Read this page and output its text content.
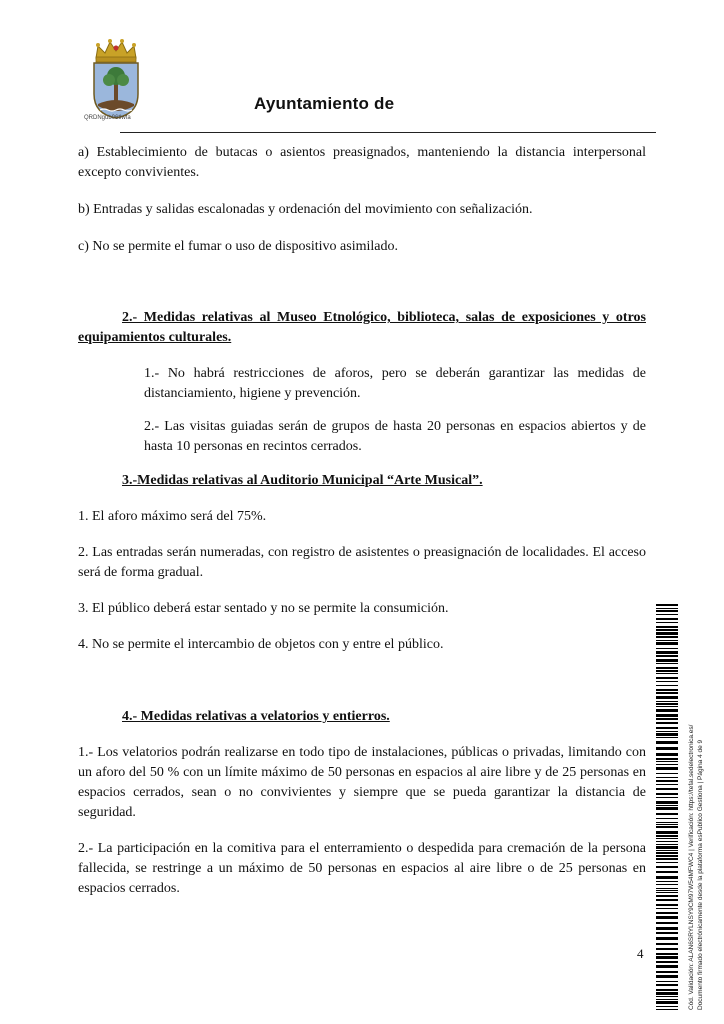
QRDNgub06tlwfa
Ayuntamiento de

a) Establecimiento de butacas o asientos preasignados, manteniendo la distancia interpersonal excepto convivientes.

b) Entradas y salidas escalonadas y ordenación del movimiento con señalización.

c) No se permite el fumar o uso de dispositivo asimilado.

2.- Medidas relativas al Museo Etnológico, biblioteca, salas de exposiciones y otros equipamientos culturales.

1.- No habrá restricciones de aforos, pero se deberán garantizar las medidas de distanciamiento, higiene y prevención.

2.- Las visitas guiadas serán de grupos de hasta 20 personas en espacios abiertos y de hasta 10 personas en recintos cerrados.

3.-Medidas relativas al Auditorio Municipal “Arte Musical”.

1. El aforo máximo será del 75%.

2. Las entradas serán numeradas, con registro de asistentes o preasignación de localidades. El acceso será de forma gradual.

3. El público deberá estar sentado y no se permite la consumición.

4. No se permite el intercambio de objetos con y entre el público.

4.- Medidas relativas a velatorios y entierros.

1.- Los velatorios podrán realizarse en todo tipo de instalaciones, públicas o privadas, limitando con un aforo del 50 % con un límite máximo de 50 personas en espacios al aire libre y de 25 personas en espacios cerrados, sean o no convivientes y siempre que se pueda garantizar la distancia de seguridad.

2.- La participación en la comitiva para el enterramiento o despedida para cremación de la persona fallecida, se restringe a un máximo de 50 personas en espacios al aire libre o de 25 personas en espacios cerrados.

4	Cód. Validación: ALAN6SRYLNSY9CM97W54MFWC4 | Verificación: https://tefal.sedelectronica.es/ Documento firmado electrónicamente desde la plataforma esPublico Gestiona | Página 4 de 9
